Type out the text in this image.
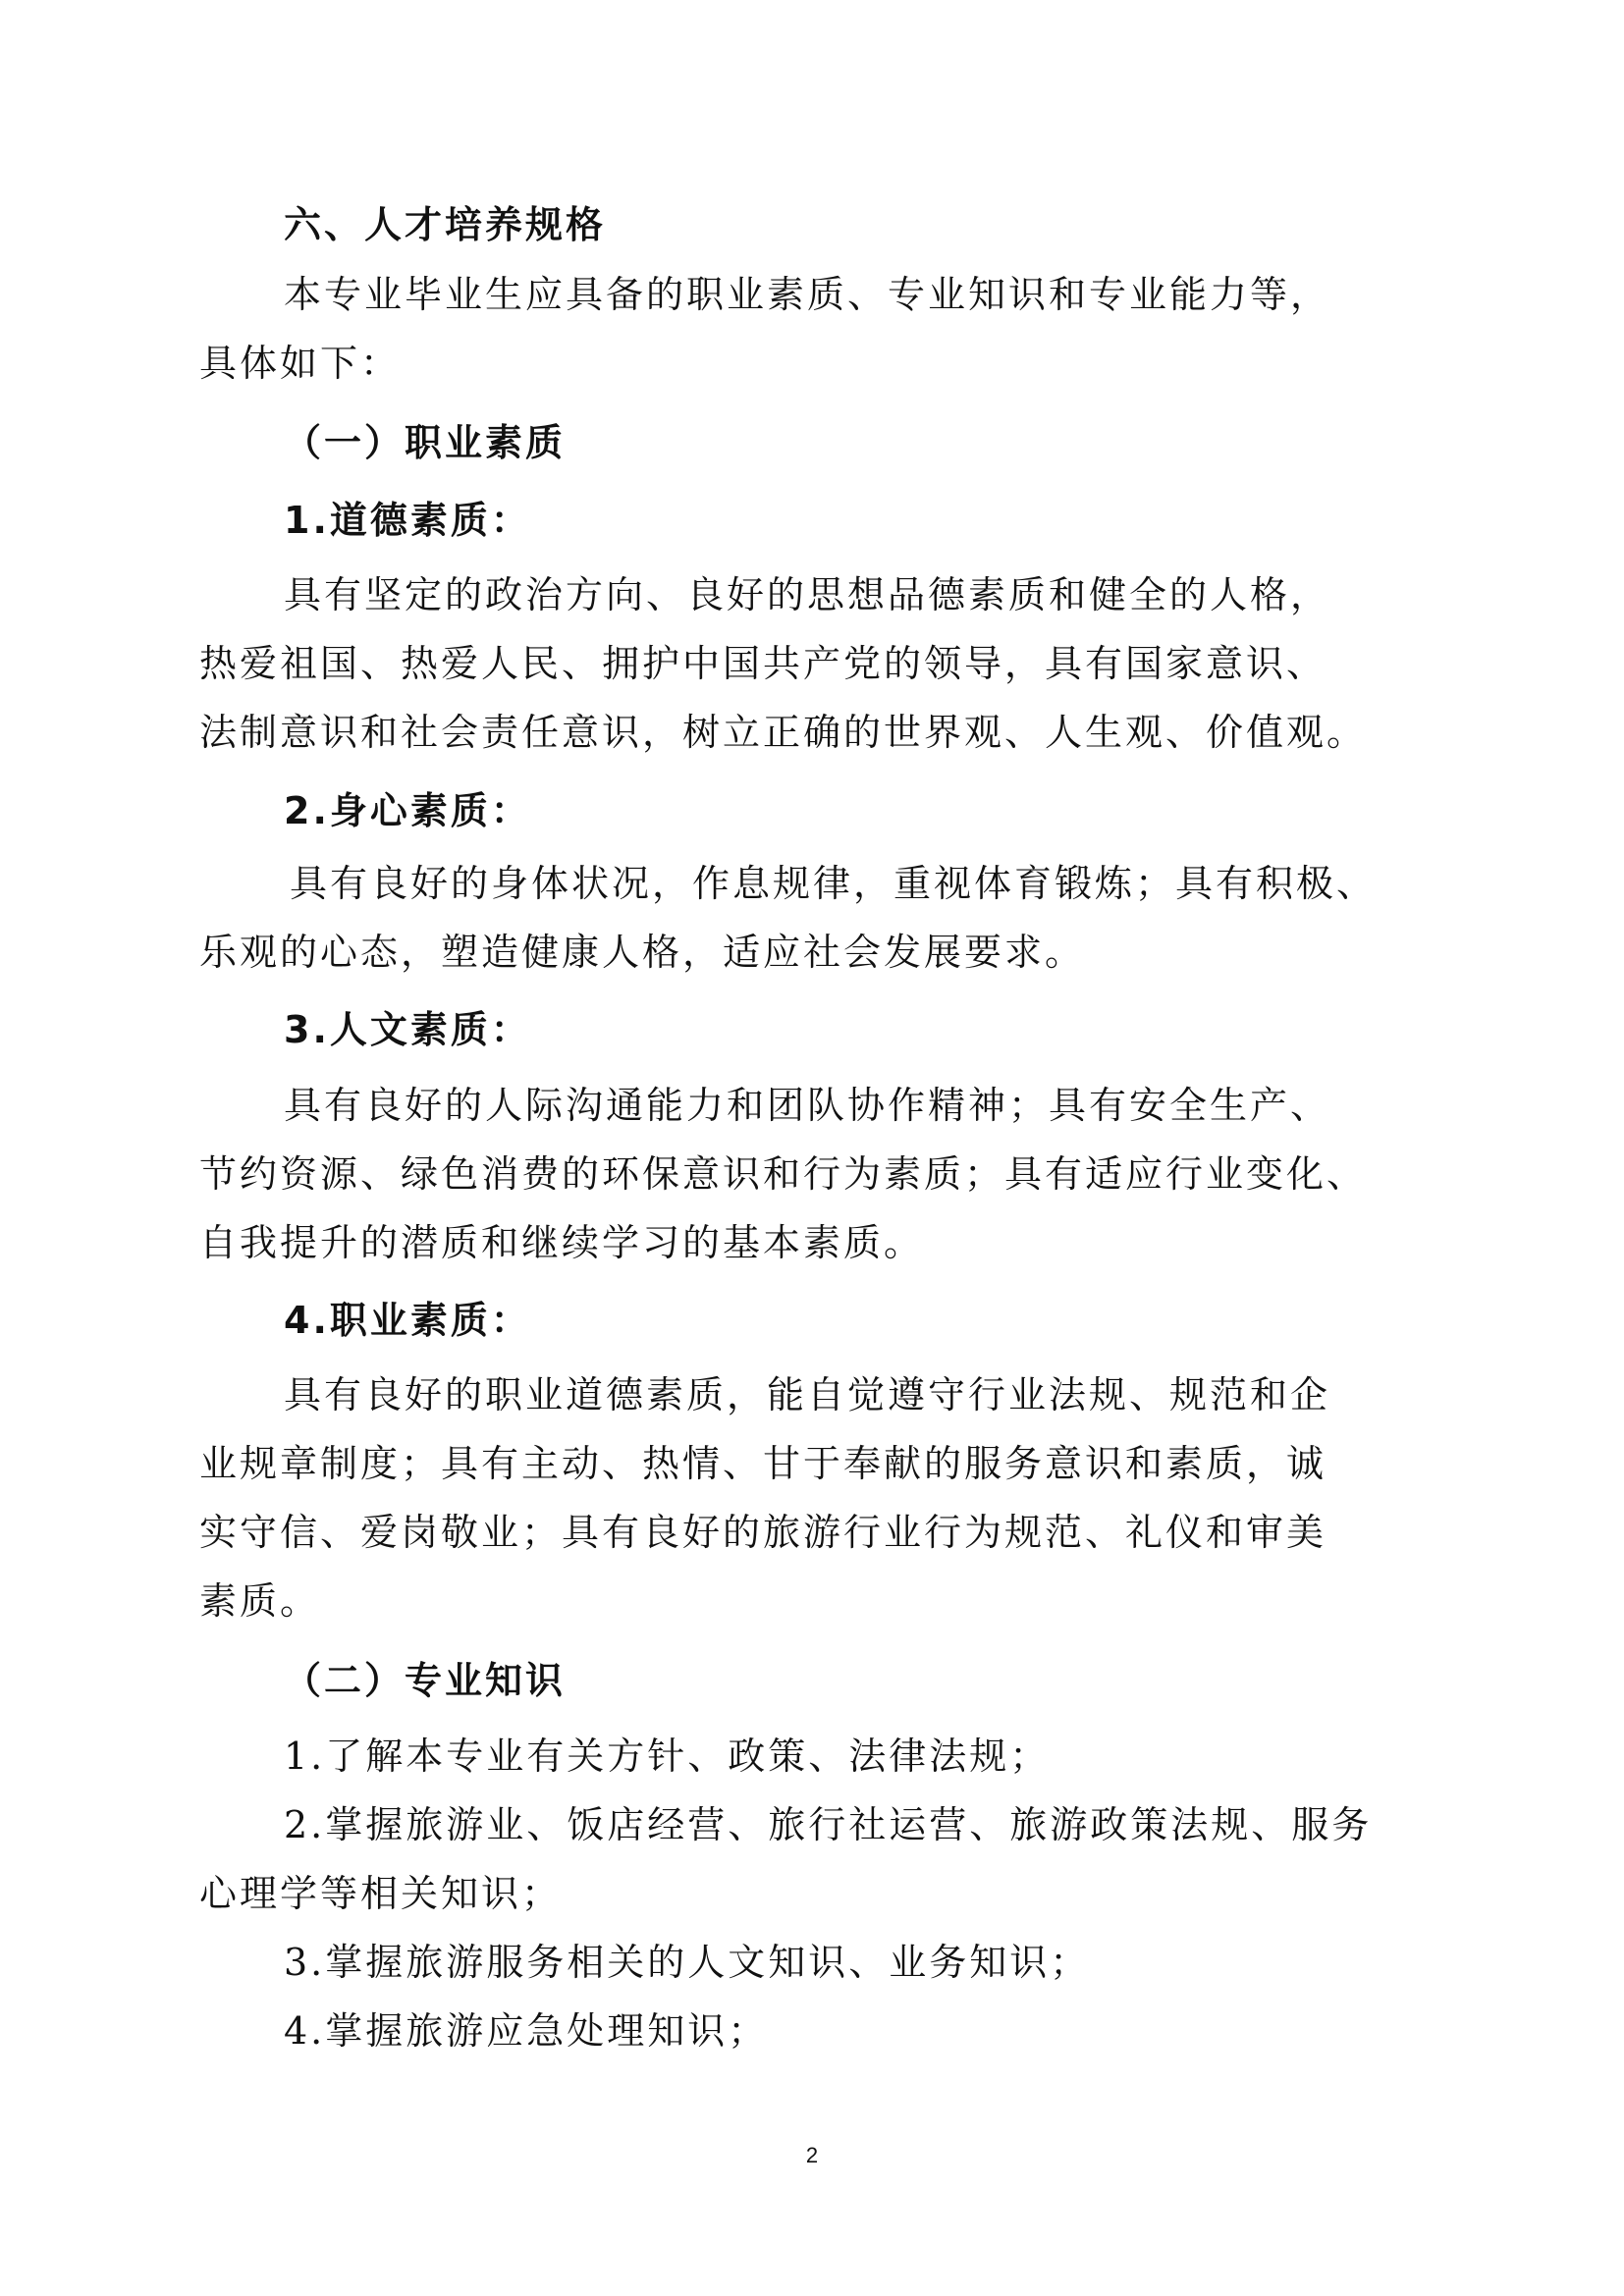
六、人才培养规格
本专业毕业生应具备的职业素质、专业知识和专业能力等，
具体如下：
（一）职业素质
1.道德素质：
具有坚定的政治方向、良好的思想品德素质和健全的人格，
热爱祖国、热爱人民、拥护中国共产党的领导，具有国家意识、
法制意识和社会责任意识，树立正确的世界观、人生观、价值观。
2.身心素质：
具有良好的身体状况，作息规律，重视体育锻炼；具有积极、
乐观的心态，塑造健康人格，适应社会发展要求。
3.人文素质：
具有良好的人际沟通能力和团队协作精神；具有安全生产、
节约资源、绿色消费的环保意识和行为素质；具有适应行业变化、
自我提升的潜质和继续学习的基本素质。
4.职业素质：
具有良好的职业道德素质，能自觉遵守行业法规、规范和企
业规章制度；具有主动、热情、甘于奉献的服务意识和素质，诚
实守信、爱岗敬业；具有良好的旅游行业行为规范、礼仪和审美
素质。
（二）专业知识
1.了解本专业有关方针、政策、法律法规；
2.掌握旅游业、饭店经营、旅行社运营、旅游政策法规、服务
心理学等相关知识；
3.掌握旅游服务相关的人文知识、业务知识；
4.掌握旅游应急处理知识；
2
